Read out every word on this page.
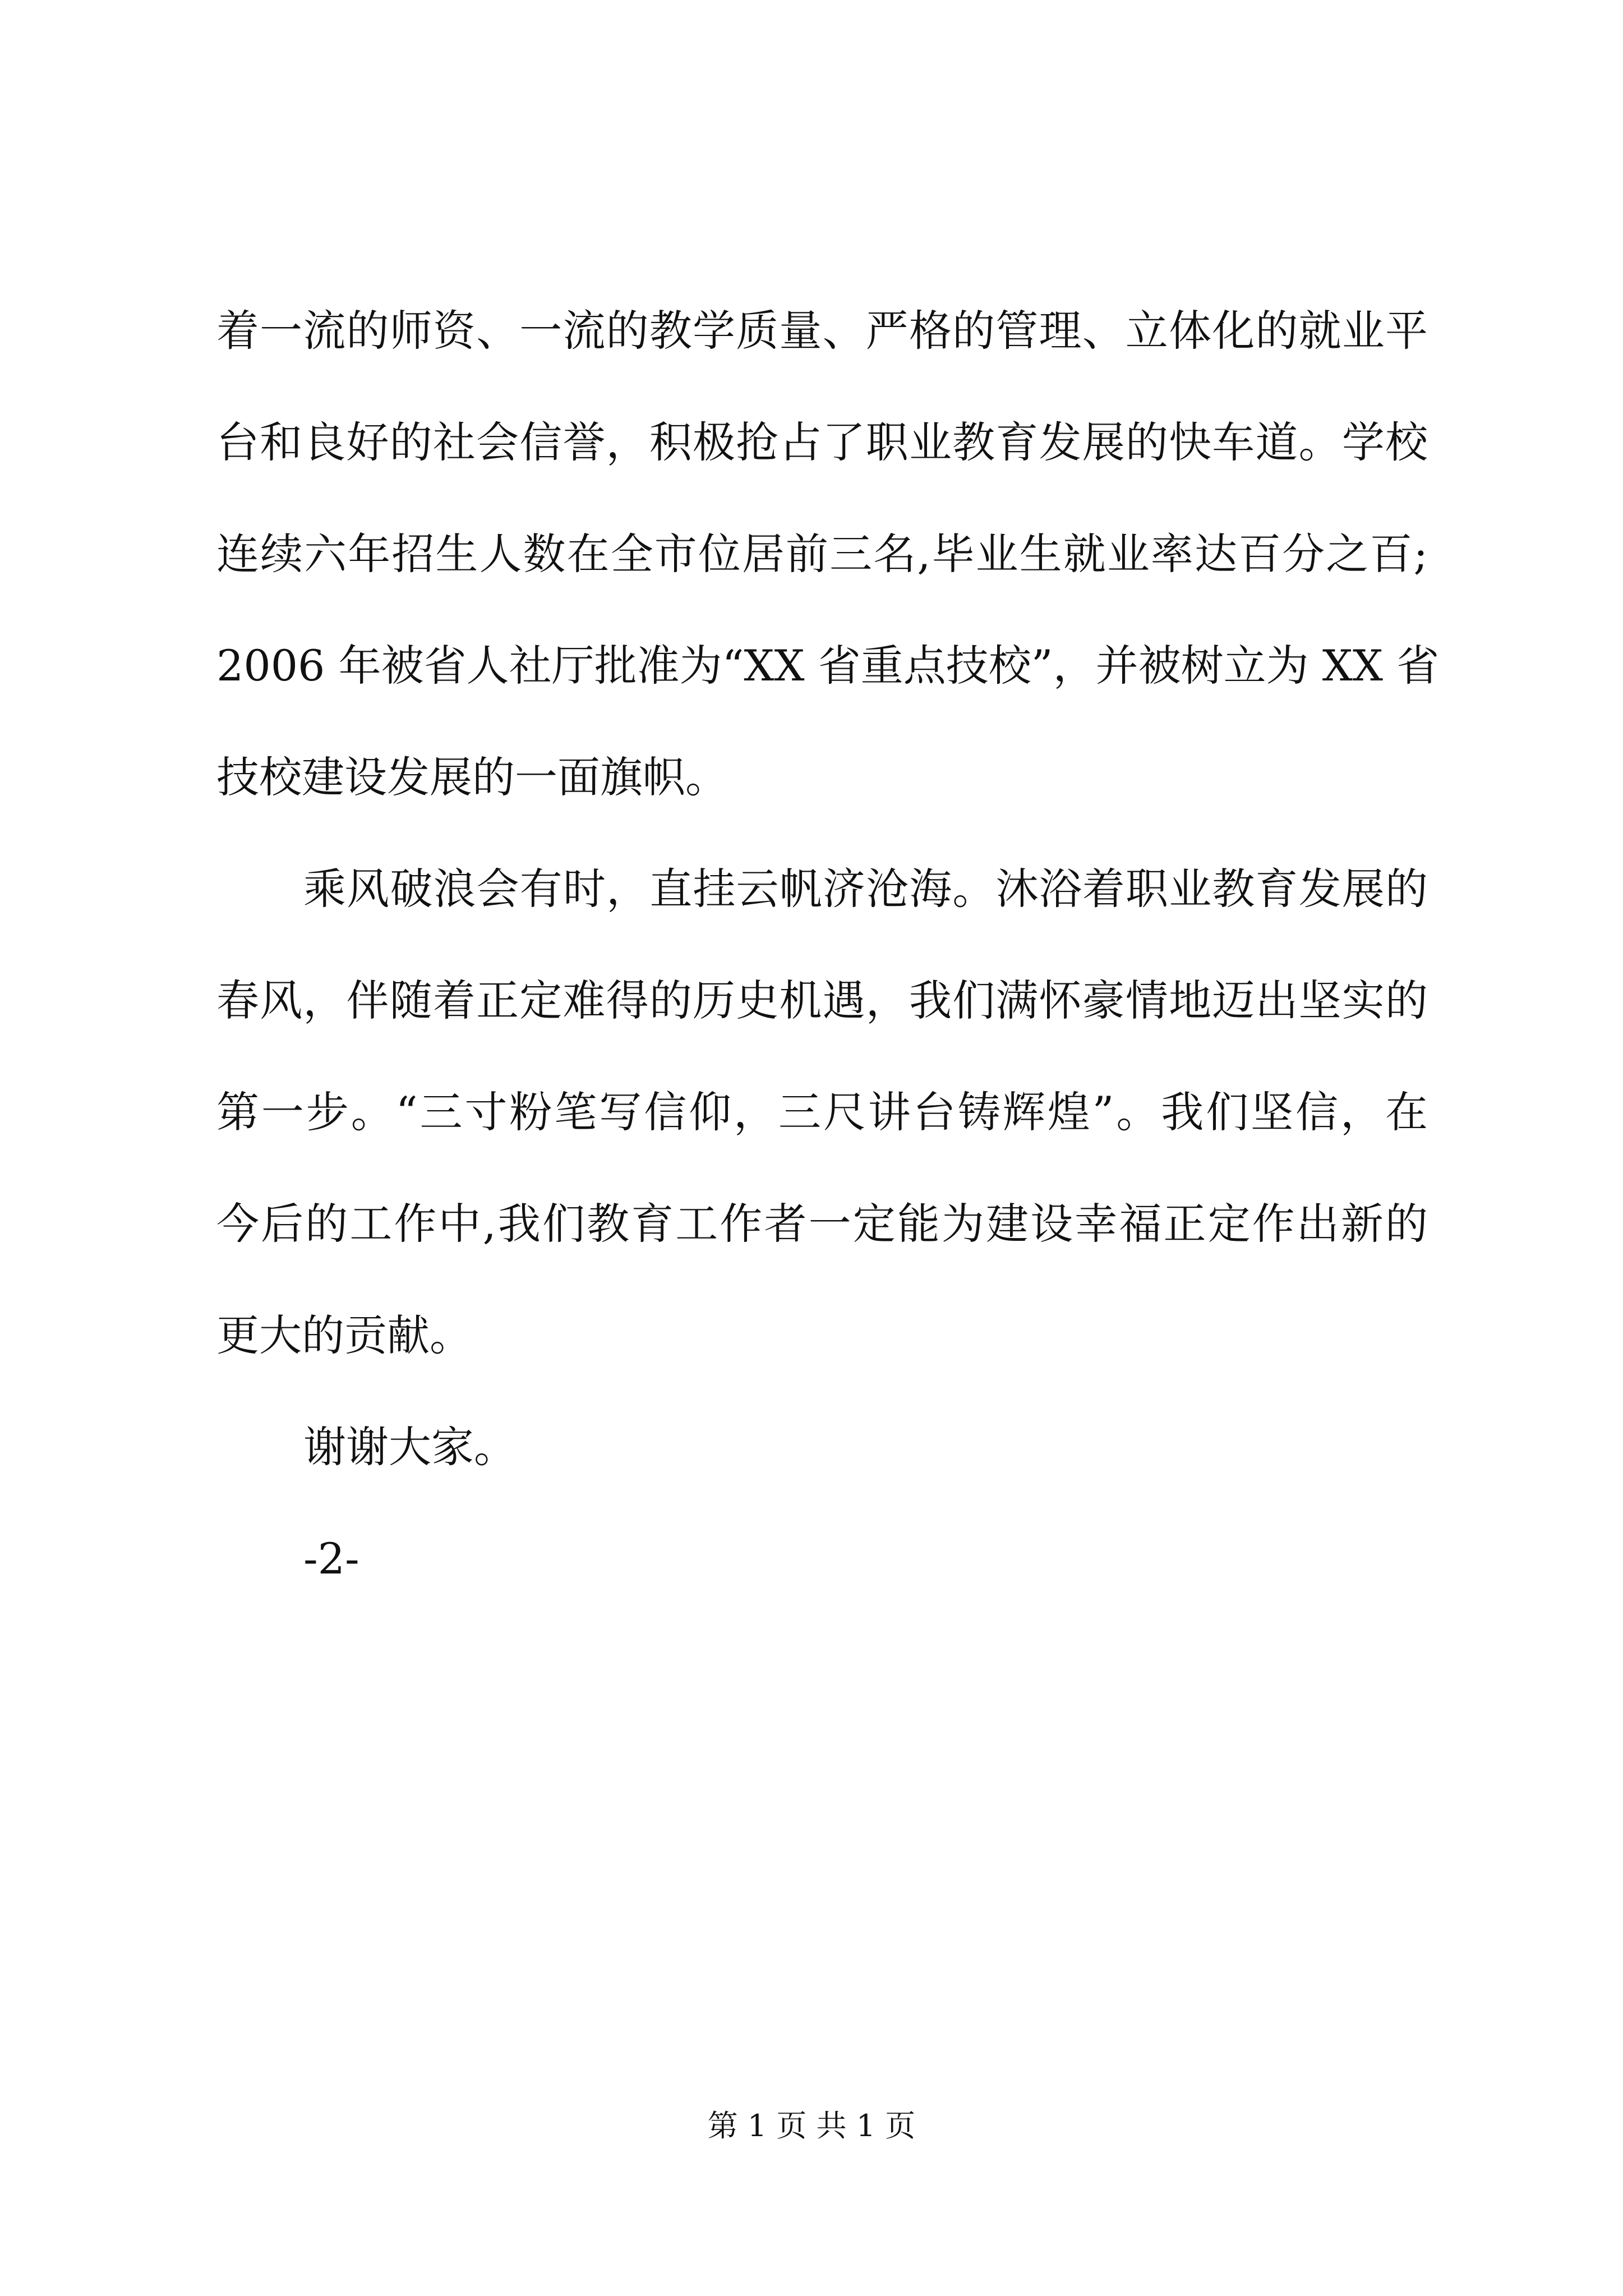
着一流的师资、一流的教学质量、严格的管理、立体化的就业平
台和良好的社会信誉，积极抢占了职业教育发展的快车道。学校
连续六年招生人数在全市位居前三名,毕业生就业率达百分之百;
2006 年被省人社厅批准为“XX 省重点技校”，并被树立为 XX 省
技校建设发展的一面旗帜。
乘风破浪会有时，直挂云帆济沧海。沐浴着职业教育发展的
春风，伴随着正定难得的历史机遇，我们满怀豪情地迈出坚实的
第一步。“三寸粉笔写信仰，三尺讲台铸辉煌”。我们坚信，在
今后的工作中,我们教育工作者一定能为建设幸福正定作出新的
更大的贡献。
谢谢大家。
-2-
第 1 页 共 1 页
